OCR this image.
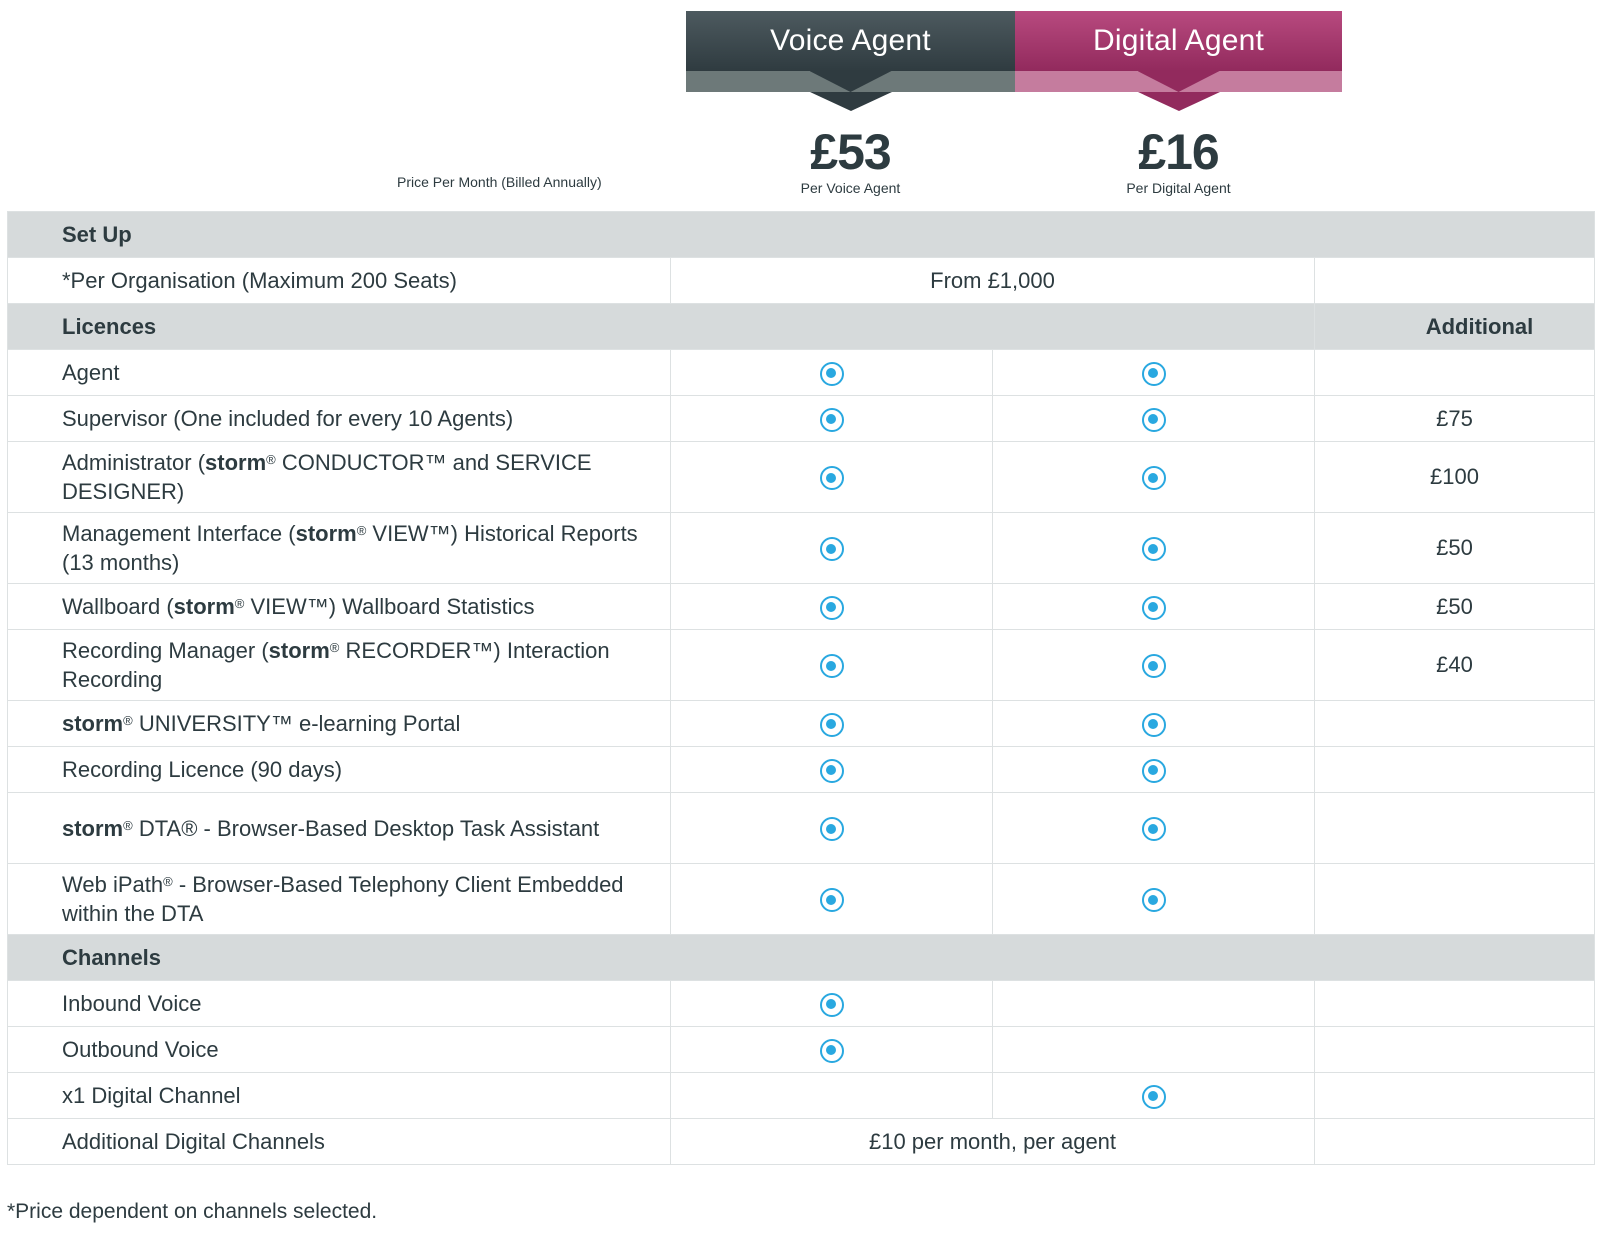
Voice Agent	Digital Agent
£53
Per Voice Agent
£16
Per Digital Agent
Price Per Month (Billed Annually)
Set Up			
*Per Organisation (Maximum 200 Seats)	From £1,000		
Licences			Additional
Agent			
Supervisor (One included for every 10 Agents)			£75
Administrator (storm® CONDUCTOR™ and SERVICE DESIGNER)			£100
Management Interface (storm® VIEW™) Historical Reports (13 months)			£50
Wallboard (storm® VIEW™) Wallboard Statistics			£50
Recording Manager (storm® RECORDER™) Interaction Recording			£40
storm® UNIVERSITY™ e-learning Portal			
Recording Licence (90 days)			
storm® DTA® - Browser-Based Desktop Task Assistant			
Web iPath® - Browser-Based Telephony Client Embedded within the DTA			
Channels			
Inbound Voice			
Outbound Voice			
x1 Digital Channel			
Additional Digital Channels	£10 per month, per agent		
*Price dependent on channels selected.
